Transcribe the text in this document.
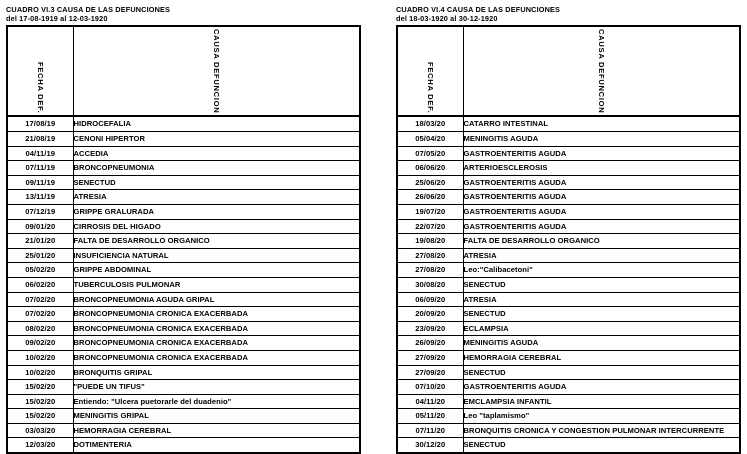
CUADRO VI.3 CAUSA DE LAS DEFUNCIONES
del 17-08-1919 al 12-03-1920
FECHA DEF.	CAUSA DEFUNCION

17/08/19	HIDROCEFALIA
21/08/19	CENONI HIPERTOR
04/11/19	ACCEDIA
07/11/19	BRONCOPNEUMONIA
09/11/19	SENECTUD
13/11/19	ATRESIA
07/12/19	GRIPPE GRALURADA
09/01/20	CIRROSIS DEL HIGADO
21/01/20	FALTA DE DESARROLLO ORGANICO
25/01/20	INSUFICIENCIA NATURAL
05/02/20	GRIPPE ABDOMINAL
06/02/20	TUBERCULOSIS PULMONAR
07/02/20	BRONCOPNEUMONIA AGUDA GRIPAL
07/02/20	BRONCOPNEUMONIA CRONICA EXACERBADA
08/02/20	BRONCOPNEUMONIA CRONICA EXACERBADA
09/02/20	BRONCOPNEUMONIA CRONICA EXACERBADA
10/02/20	BRONCOPNEUMONIA CRONICA EXACERBADA
10/02/20	BRONQUITIS GRIPAL
15/02/20	"PUEDE UN TIFUS"
15/02/20	Entiendo: "Ulcera puetorarle del duadenio"
15/02/20	MENINGITIS GRIPAL
03/03/20	HEMORRAGIA CEREBRAL
12/03/20	DOTIMENTERIA
CUADRO VI.4 CAUSA DE LAS DEFUNCIONES
del 18-03-1920 al 30-12-1920
FECHA DEF.	CAUSA DEFUNCION

18/03/20	CATARRO INTESTINAL
05/04/20	MENINGITIS AGUDA
07/05/20	GASTROENTERITIS AGUDA
06/06/20	ARTERIOESCLEROSIS
25/06/20	GASTROENTERITIS AGUDA
26/06/20	GASTROENTERITIS AGUDA
19/07/20	GASTROENTERITIS AGUDA
22/07/20	GASTROENTERITIS AGUDA
19/08/20	FALTA DE DESARROLLO ORGANICO
27/08/20	ATRESIA
27/08/20	Leo:"Calibacetoni"
30/08/20	SENECTUD
06/09/20	ATRESIA
20/09/20	SENECTUD
23/09/20	ECLAMPSIA
26/09/20	MENINGITIS AGUDA
27/09/20	HEMORRAGIA CEREBRAL
27/09/20	SENECTUD
07/10/20	GASTROENTERITIS AGUDA
04/11/20	EMCLAMPSIA INFANTIL
05/11/20	Leo "taplamismo"
07/11/20	BRONQUITIS CRONICA Y CONGESTION PULMONAR INTERCURRENTE
30/12/20	SENECTUD
